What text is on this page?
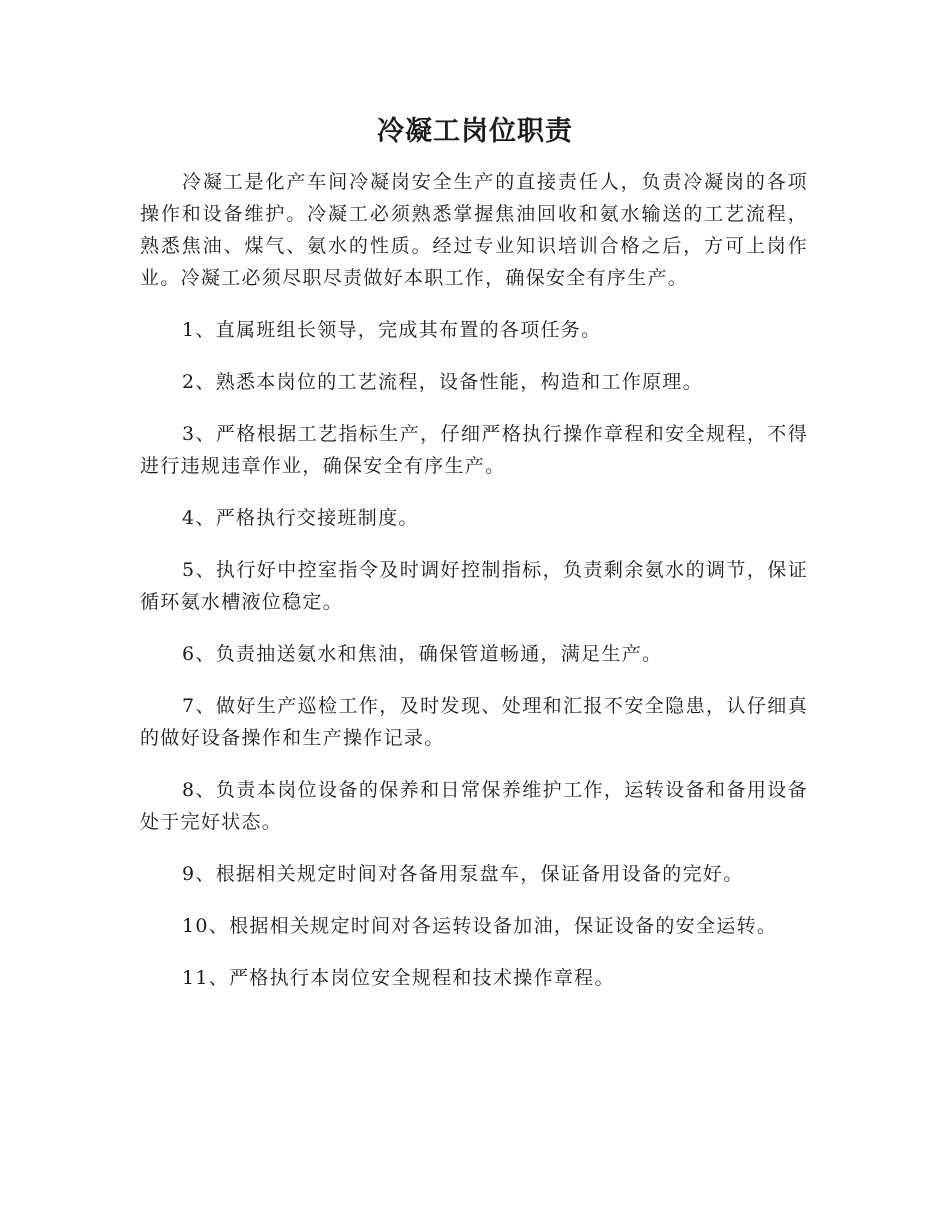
冷凝工岗位职责

冷凝工是化产车间冷凝岗安全生产的直接责任人，负责冷凝岗的各项操作和设备维护。冷凝工必须熟悉掌握焦油回收和氨水输送的工艺流程，熟悉焦油、煤气、氨水的性质。经过专业知识培训合格之后，方可上岗作业。冷凝工必须尽职尽责做好本职工作，确保安全有序生产。

1、直属班组长领导，完成其布置的各项任务。

2、熟悉本岗位的工艺流程，设备性能，构造和工作原理。

3、严格根据工艺指标生产，仔细严格执行操作章程和安全规程，不得进行违规违章作业，确保安全有序生产。

4、严格执行交接班制度。

5、执行好中控室指令及时调好控制指标，负责剩余氨水的调节，保证循环氨水槽液位稳定。

6、负责抽送氨水和焦油，确保管道畅通，满足生产。

7、做好生产巡检工作，及时发现、处理和汇报不安全隐患，认仔细真的做好设备操作和生产操作记录。

8、负责本岗位设备的保养和日常保养维护工作，运转设备和备用设备处于完好状态。

9、根据相关规定时间对各备用泵盘车，保证备用设备的完好。

10、根据相关规定时间对各运转设备加油，保证设备的安全运转。

11、严格执行本岗位安全规程和技术操作章程。
